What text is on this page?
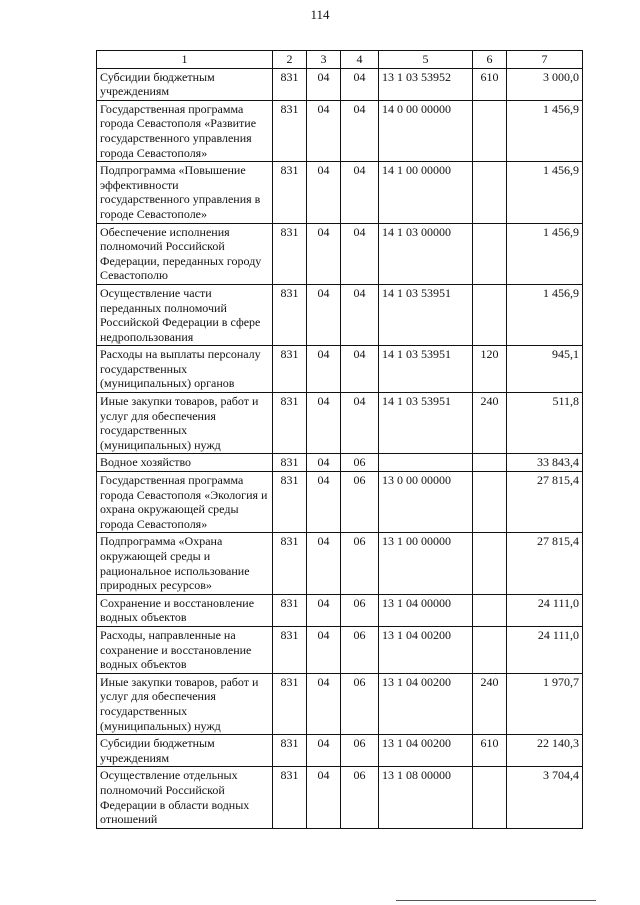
114
1	2	3	4	5	6	7
Субсидии бюджетным учреждениям	831	04	04	13 1 03 53952	610	3 000,0
Государственная программа города Севастополя «Развитие государственного управления города Севастополя»	831	04	04	14 0 00 00000		1 456,9
Подпрограмма «Повышение эффективности государственного управления в городе Севастополе»	831	04	04	14 1 00 00000		1 456,9
Обеспечение исполнения полномочий Российской Федерации, переданных городу Севастополю	831	04	04	14 1 03 00000		1 456,9
Осуществление части переданных полномочий Российской Федерации в сфере недропользования	831	04	04	14 1 03 53951		1 456,9
Расходы на выплаты персоналу государственных (муниципальных) органов	831	04	04	14 1 03 53951	120	945,1
Иные закупки товаров, работ и услуг для обеспечения государственных (муниципальных) нужд	831	04	04	14 1 03 53951	240	511,8
Водное хозяйство	831	04	06			33 843,4
Государственная программа города Севастополя «Экология и охрана окружающей среды города Севастополя»	831	04	06	13 0 00 00000		27 815,4
Подпрограмма «Охрана окружающей среды и рациональное использование природных ресурсов»	831	04	06	13 1 00 00000		27 815,4
Сохранение и восстановление водных объектов	831	04	06	13 1 04 00000		24 111,0
Расходы, направленные на сохранение и восстановление водных объектов	831	04	06	13 1 04 00200		24 111,0
Иные закупки товаров, работ и услуг для обеспечения государственных (муниципальных) нужд	831	04	06	13 1 04 00200	240	1 970,7
Субсидии бюджетным учреждениям	831	04	06	13 1 04 00200	610	22 140,3
Осуществление отдельных полномочий Российской Федерации в области водных отношений	831	04	06	13 1 08 00000		3 704,4
